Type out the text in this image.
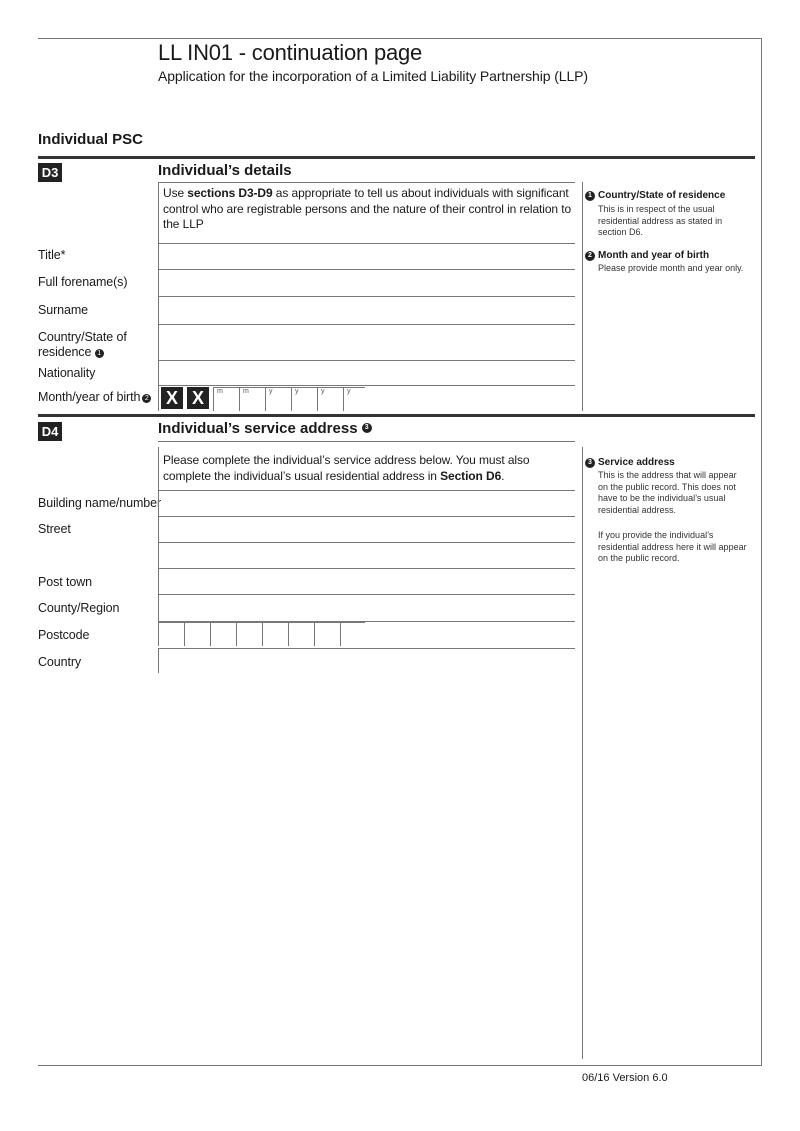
LL IN01 - continuation page
Application for the incorporation of a Limited Liability Partnership (LLP)
Individual PSC
D3	Individual’s details
Use sections D3-D9 as appropriate to tell us about individuals with significant control who are registrable persons and the nature of their control in relation to the LLP
1 Country/State of residence
This is in respect of the usual residential address as stated in section D6.
2 Month and year of birth
Please provide month and year only.
Title*
Full forename(s)
Surname
Country/State of
residence 1
Nationality
Month/year of birth 2 X X	m	m	y	y	y	y
D4	Individual’s service address 3
3 Service address
This is the address that will appear on the public record. This does not have to be the individual’s usual residential address.
If you provide the individual’s residential address here it will appear on the public record.
Please complete the individual’s service address below. You must also complete the individual’s usual residential address in Section D6.
Building name/number
Street
Post town
County/Region
Postcode
Country
06/16 Version 6.0
